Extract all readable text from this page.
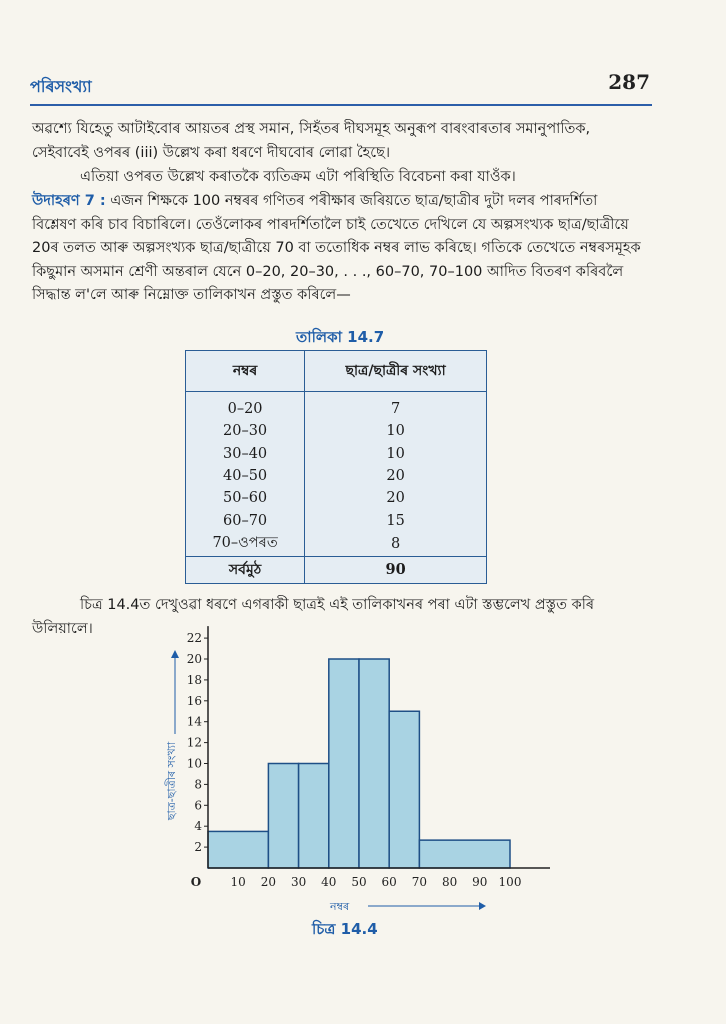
পৰিসংখ্যা	287

অৱশ্যে যিহেতু আটাইবোৰ আয়তৰ প্ৰস্থ সমান, সিহঁতৰ দীঘসমূহ অনুৰূপ বাৰংবাৰতাৰ সমানুপাতিক, সেইবাবেই ওপৰৰ (iii) উল্লেখ কৰা ধৰণে দীঘবোৰ লোৱা হৈছে।

এতিয়া ওপৰত উল্লেখ কৰাতকৈ ব্যতিক্ৰম এটা পৰিস্থিতি বিবেচনা কৰা যাওঁক।

উদাহৰণ 7 : এজন শিক্ষকে 100 নম্বৰৰ গণিতৰ পৰীক্ষাৰ জৰিয়তে ছাত্ৰ/ছাত্ৰীৰ দুটা দলৰ পাৰদৰ্শিতা বিশ্লেষণ কৰি চাব বিচাৰিলে। তেওঁলোকৰ পাৰদৰ্শিতালৈ চাই তেখেতে দেখিলে যে অল্পসংখ্যক ছাত্ৰ/ছাত্ৰীয়ে 20ৰ তলত আৰু অল্পসংখ্যক ছাত্ৰ/ছাত্ৰীয়ে 70 বা ততোধিক নম্বৰ লাভ কৰিছে। গতিকে তেখেতে নম্বৰসমূহক কিছুমান অসমান শ্ৰেণী অন্তৰাল যেনে 0–20, 20–30, . . ., 60–70, 70–100 আদিত বিতৰণ কৰিবলৈ সিদ্ধান্ত ল'লে আৰু নিম্নোক্ত তালিকাখন প্ৰস্তুত কৰিলে—

তালিকা 14.7
নম্বৰ	ছাত্ৰ/ছাত্ৰীৰ সংখ্যা
0–20	7
20–30	10
30–40	10
40–50	20
50–60	20
60–70	15
70–ওপৰত	8
সৰ্বমুঠ	90

চিত্ৰ 14.4ত দেখুওৱা ধৰণে এগৰাকী ছাত্ৰই এই তালিকাখনৰ পৰা এটা স্তম্ভলেখ প্ৰস্তুত কৰি উলিয়ালে।

2
4
6
8
10
12
14
16
18
20
22
10 20 30 40 50 60 70 80 90 100
O
নম্বৰ
ছাত্ৰ-ছাত্ৰীৰ সংখ্যা
চিত্ৰ 14.4
